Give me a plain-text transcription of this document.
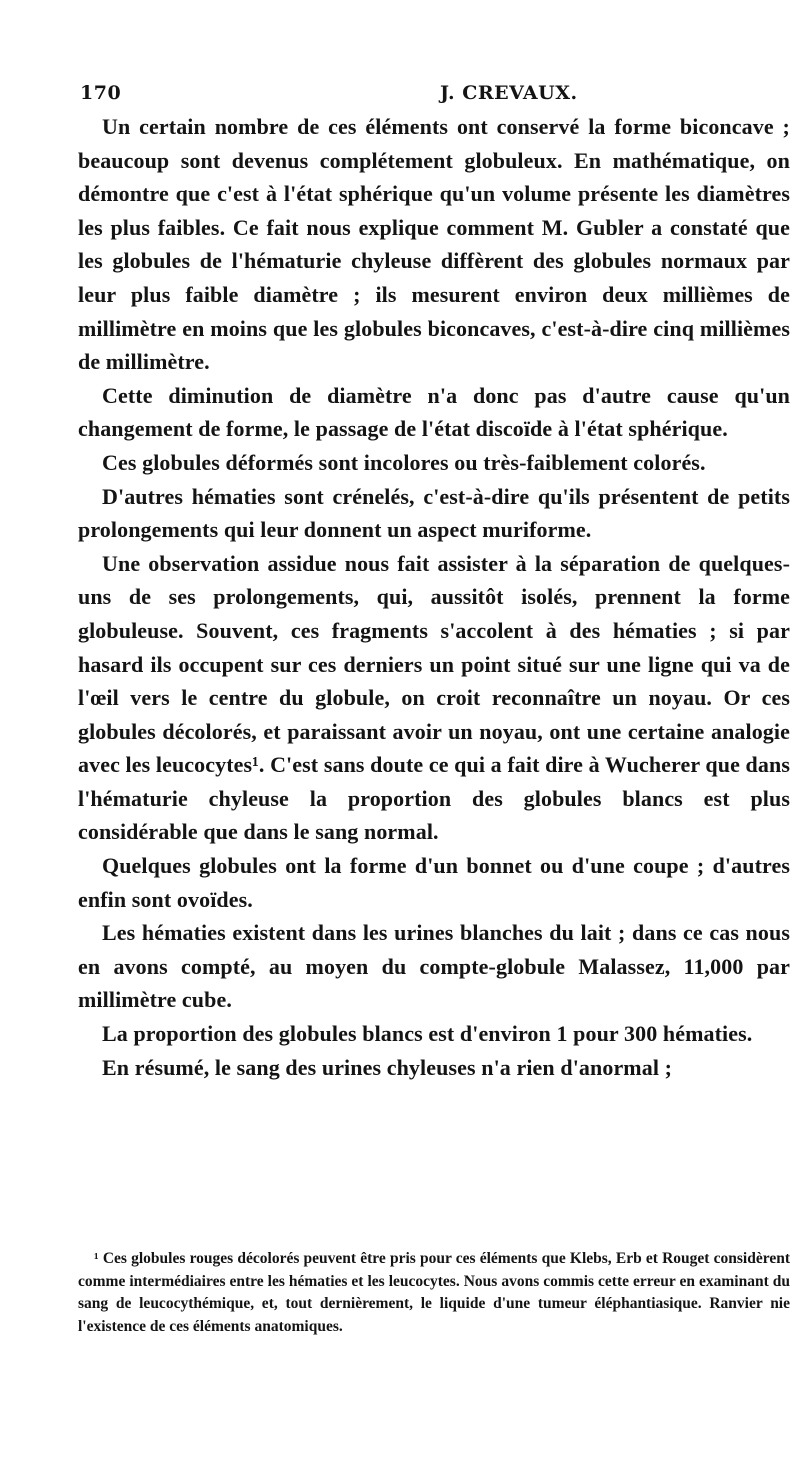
170	J. CREVAUX.

Un certain nombre de ces éléments ont conservé la forme biconcave ; beaucoup sont devenus complétement globuleux. En mathématique, on démontre que c'est à l'état sphérique qu'un volume présente les diamètres les plus faibles. Ce fait nous explique comment M. Gubler a constaté que les globules de l'hématurie chyleuse diffèrent des globules normaux par leur plus faible diamètre ; ils mesurent environ deux millièmes de millimètre en moins que les globules biconcaves, c'est-à-dire cinq millièmes de millimètre.

Cette diminution de diamètre n'a donc pas d'autre cause qu'un changement de forme, le passage de l'état discoïde à l'état sphérique.

Ces globules déformés sont incolores ou très-faiblement colorés.

D'autres hématies sont crénelés, c'est-à-dire qu'ils présentent de petits prolongements qui leur donnent un aspect muriforme.

Une observation assidue nous fait assister à la séparation de quelques-uns de ses prolongements, qui, aussitôt isolés, prennent la forme globuleuse. Souvent, ces fragments s'accolent à des hématies ; si par hasard ils occupent sur ces derniers un point situé sur une ligne qui va de l'œil vers le centre du globule, on croit reconnaître un noyau. Or ces globules décolorés, et paraissant avoir un noyau, ont une certaine analogie avec les leucocytes¹. C'est sans doute ce qui a fait dire à Wucherer que dans l'hématurie chyleuse la proportion des globules blancs est plus considérable que dans le sang normal.

Quelques globules ont la forme d'un bonnet ou d'une coupe ; d'autres enfin sont ovoïdes.

Les hématies existent dans les urines blanches du lait ; dans ce cas nous en avons compté, au moyen du compte-globule Malassez, 11,000 par millimètre cube.

La proportion des globules blancs est d'environ 1 pour 300 hématies.

En résumé, le sang des urines chyleuses n'a rien d'anormal ;

¹ Ces globules rouges décolorés peuvent être pris pour ces éléments que Klebs, Erb et Rouget considèrent comme intermédiaires entre les hématies et les leucocytes. Nous avons commis cette erreur en examinant du sang de leucocythémique, et, tout dernièrement, le liquide d'une tumeur éléphantiasique. Ranvier nie l'existence de ces éléments anatomiques.
